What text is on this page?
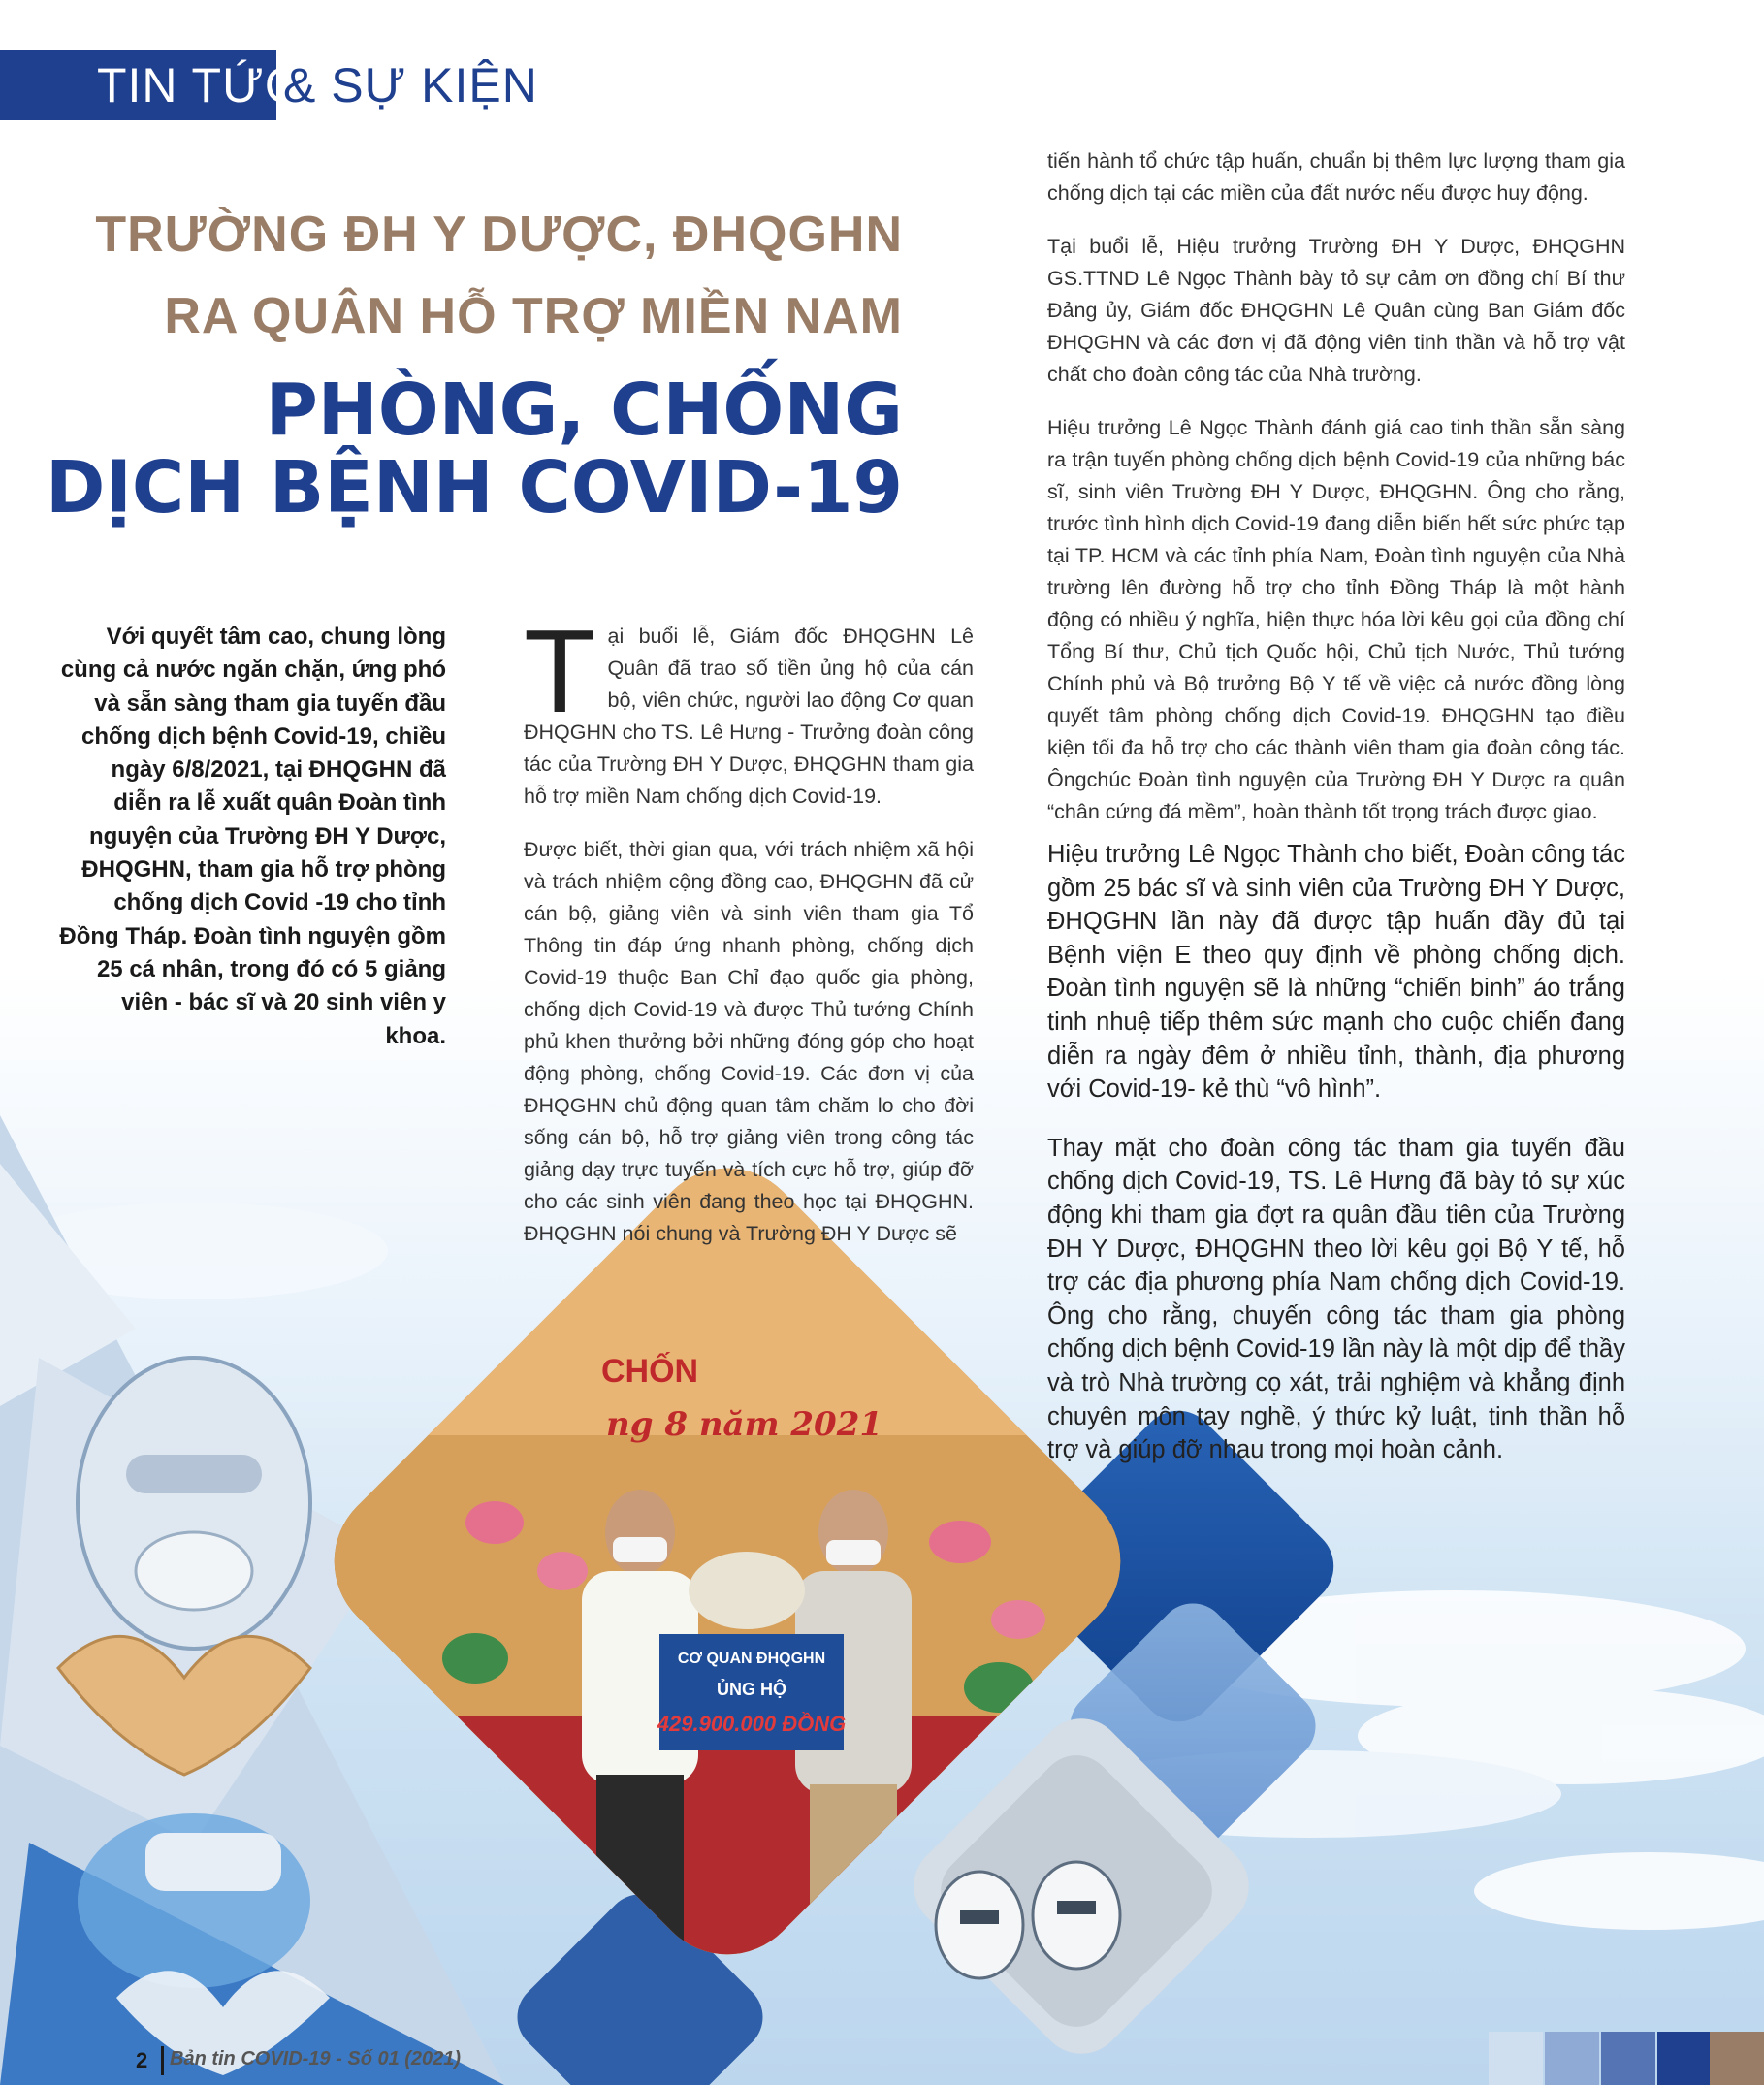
ng 8 năm 2021
CHỐN
CƠ QUAN ĐHQGHN
ỦNG HỘ
429.900.000 ĐỒNG
TIN TỨC
& SỰ KIỆN
TRƯỜNG ĐH Y DƯỢC, ĐHQGHN
RA QUÂN HỖ TRỢ MIỀN NAM
PHÒNG, CHỐNG
DỊCH BỆNH COVID-19
Với quyết tâm cao, chung lòng cùng cả nước ngăn chặn, ứng phó và sẵn sàng tham gia tuyến đầu chống dịch bệnh Covid-19, chiều ngày 6/8/2021, tại ĐHQGHN đã diễn ra lễ xuất quân Đoàn tình nguyện của Trường ĐH Y Dược, ĐHQGHN, tham gia hỗ trợ phòng chống dịch Covid -19 cho tỉnh Đồng Tháp. Đoàn tình nguyện gồm 25 cá nhân, trong đó có 5 giảng viên - bác sĩ và 20 sinh viên y khoa.

Tại buổi lễ, Giám đốc ĐHQGHN Lê Quân đã trao số tiền ủng hộ của cán bộ, viên chức, người lao động Cơ quan ĐHQGHN cho TS. Lê Hưng - Trưởng đoàn công tác của Trường ĐH Y Dược, ĐHQGHN tham gia hỗ trợ miền Nam chống dịch Covid-19.

Được biết, thời gian qua, với trách nhiệm xã hội và trách nhiệm cộng đồng cao, ĐHQGHN đã cử cán bộ, giảng viên và sinh viên tham gia Tổ Thông tin đáp ứng nhanh phòng, chống dịch Covid-19 thuộc Ban Chỉ đạo quốc gia phòng, chống dịch Covid-19 và được Thủ tướng Chính phủ khen thưởng bởi những đóng góp cho hoạt động phòng, chống Covid-19. Các đơn vị của ĐHQGHN chủ động quan tâm chăm lo cho đời sống cán bộ, hỗ trợ giảng viên trong công tác giảng dạy trực tuyến và tích cực hỗ trợ, giúp đỡ cho các sinh viên đang theo học tại ĐHQGHN. ĐHQGHN nói chung và Trường ĐH Y Dược sẽ

tiến hành tổ chức tập huấn, chuẩn bị thêm lực lượng tham gia chống dịch tại các miền của đất nước nếu được huy động.

Tại buổi lễ, Hiệu trưởng Trường ĐH Y Dược, ĐHQGHN GS.TTND Lê Ngọc Thành bày tỏ sự cảm ơn đồng chí Bí thư Đảng ủy, Giám đốc ĐHQGHN Lê Quân cùng Ban Giám đốc ĐHQGHN và các đơn vị đã động viên tinh thần và hỗ trợ vật chất cho đoàn công tác của Nhà trường.

Hiệu trưởng Lê Ngọc Thành đánh giá cao tinh thần sẵn sàng ra trận tuyến phòng chống dịch bệnh Covid-19 của những bác sĩ, sinh viên Trường ĐH Y Dược, ĐHQGHN. Ông cho rằng, trước tình hình dịch Covid-19 đang diễn biến hết sức phức tạp tại TP. HCM và các tỉnh phía Nam, Đoàn tình nguyện của Nhà trường lên đường hỗ trợ cho tỉnh Đồng Tháp là một hành động có nhiều ý nghĩa, hiện thực hóa lời kêu gọi của đồng chí Tổng Bí thư, Chủ tịch Quốc hội, Chủ tịch Nước, Thủ tướng Chính phủ và Bộ trưởng Bộ Y tế về việc cả nước đồng lòng quyết tâm phòng chống dịch Covid-19. ĐHQGHN tạo điều kiện tối đa hỗ trợ cho các thành viên tham gia đoàn công tác. Ôngchúc Đoàn tình nguyện của Trường ĐH Y Dược ra quân “chân cứng đá mềm”, hoàn thành tốt trọng trách được giao.

Hiệu trưởng Lê Ngọc Thành cho biết, Đoàn công tác gồm 25 bác sĩ và sinh viên của Trường ĐH Y Dược, ĐHQGHN lần này đã được tập huấn đầy đủ tại Bệnh viện E theo quy định về phòng chống dịch. Đoàn tình nguyện sẽ là những “chiến binh” áo trắng tinh nhuệ tiếp thêm sức mạnh cho cuộc chiến đang diễn ra ngày đêm ở nhiều tỉnh, thành, địa phương với Covid-19- kẻ thù “vô hình”.

Thay mặt cho đoàn công tác tham gia tuyến đầu chống dịch Covid-19, TS. Lê Hưng đã bày tỏ sự xúc động khi tham gia đợt ra quân đầu tiên của Trường ĐH Y Dược, ĐHQGHN theo lời kêu gọi Bộ Y tế, hỗ trợ các địa phương phía Nam chống dịch Covid-19. Ông cho rằng, chuyến công tác tham gia phòng chống dịch bệnh Covid-19 lần này là một dịp để thầy và trò Nhà trường cọ xát, trải nghiệm và khẳng định chuyên môn tay nghề, ý thức kỷ luật, tinh thần hỗ trợ và giúp đỡ nhau trong mọi hoàn cảnh.

2 Bản tin COVID-19 - Số 01 (2021)
